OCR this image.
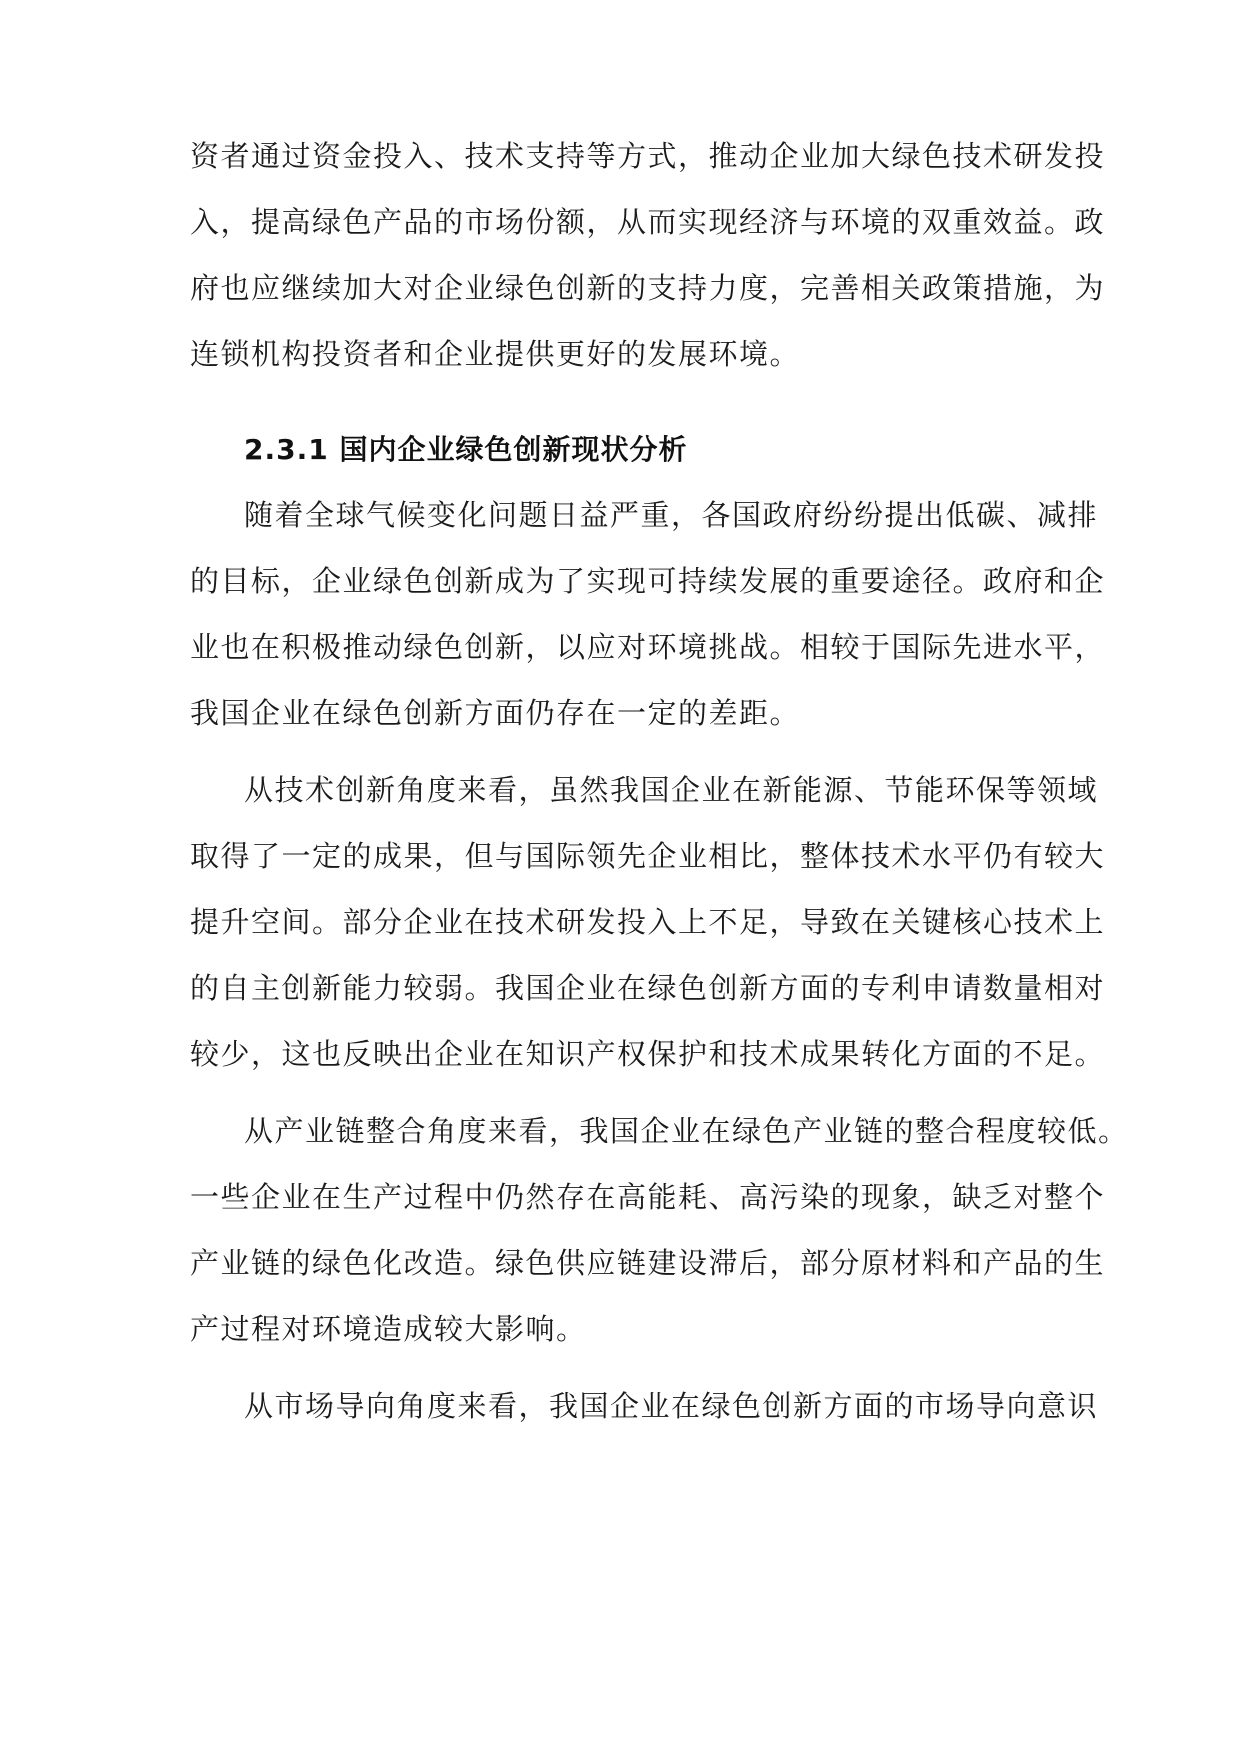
资者通过资金投入、技术支持等方式，推动企业加大绿色技术研发投
入，提高绿色产品的市场份额，从而实现经济与环境的双重效益。政
府也应继续加大对企业绿色创新的支持力度，完善相关政策措施，为
连锁机构投资者和企业提供更好的发展环境。
2.3.1 国内企业绿色创新现状分析
随着全球气候变化问题日益严重，各国政府纷纷提出低碳、减排
的目标，企业绿色创新成为了实现可持续发展的重要途径。政府和企
业也在积极推动绿色创新，以应对环境挑战。相较于国际先进水平，
我国企业在绿色创新方面仍存在一定的差距。
从技术创新角度来看，虽然我国企业在新能源、节能环保等领域
取得了一定的成果，但与国际领先企业相比，整体技术水平仍有较大
提升空间。部分企业在技术研发投入上不足，导致在关键核心技术上
的自主创新能力较弱。我国企业在绿色创新方面的专利申请数量相对
较少，这也反映出企业在知识产权保护和技术成果转化方面的不足。
从产业链整合角度来看，我国企业在绿色产业链的整合程度较低。
一些企业在生产过程中仍然存在高能耗、高污染的现象，缺乏对整个
产业链的绿色化改造。绿色供应链建设滞后，部分原材料和产品的生
产过程对环境造成较大影响。
从市场导向角度来看，我国企业在绿色创新方面的市场导向意识
